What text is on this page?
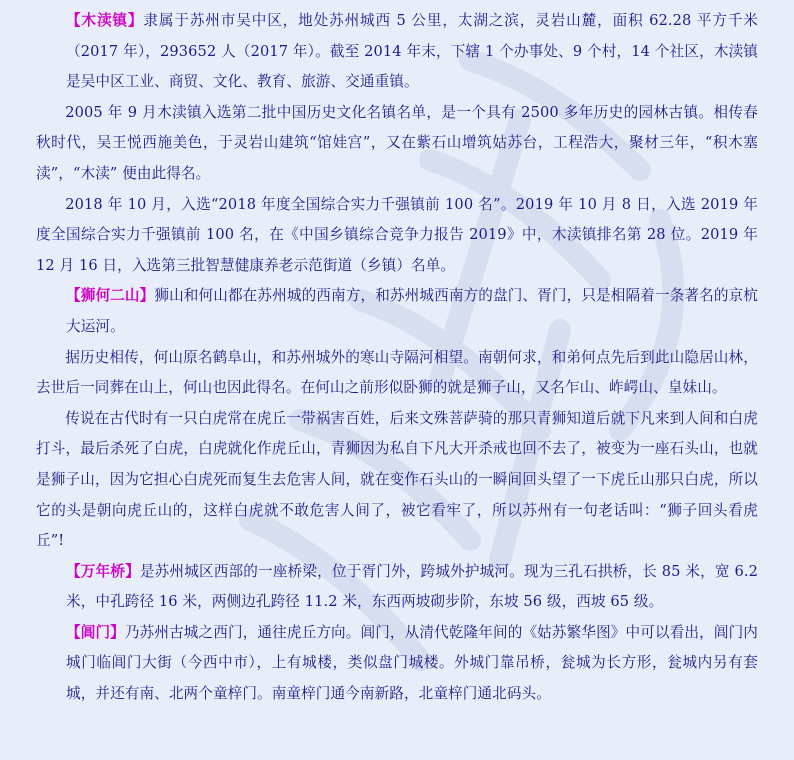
【木渎镇】隶属于苏州市吴中区，地处苏州城西 5 公里，太湖之滨，灵岩山麓，面积 62.28 平方千米（2017 年），293652 人（2017 年）。截至 2014 年末，下辖 1 个办事处、9 个村，14 个社区，木渎镇是吴中区工业、商贸、文化、教育、旅游、交通重镇。

2005 年 9 月木渎镇入选第二批中国历史文化名镇名单，是一个具有 2500 多年历史的园林古镇。相传春秋时代，吴王悦西施美色，于灵岩山建筑“馆娃宫”，又在紫石山增筑姑苏台，工程浩大，聚材三年，“积木塞渎”，“木渎” 便由此得名。

2018 年 10 月，入选“2018 年度全国综合实力千强镇前 100 名”。2019 年 10 月 8 日，入选 2019 年度全国综合实力千强镇前 100 名，在《中国乡镇综合竞争力报告 2019》中，木渎镇排名第 28 位。2019 年 12 月 16 日，入选第三批智慧健康养老示范街道（乡镇）名单。

【狮何二山】狮山和何山都在苏州城的西南方，和苏州城西南方的盘门、胥门，只是相隔着一条著名的京杭大运河。

据历史相传，何山原名鹤阜山，和苏州城外的寒山寺隔河相望。南朝何求，和弟何点先后到此山隐居山林，去世后一同葬在山上，何山也因此得名。在何山之前形似卧狮的就是狮子山，又名乍山、岞崿山、皇妹山。

传说在古代时有一只白虎常在虎丘一带祸害百姓，后来文殊菩萨骑的那只青狮知道后就下凡来到人间和白虎打斗，最后杀死了白虎，白虎就化作虎丘山，青狮因为私自下凡大开杀戒也回不去了，被变为一座石头山，也就是狮子山，因为它担心白虎死而复生去危害人间，就在变作石头山的一瞬间回头望了一下虎丘山那只白虎，所以它的头是朝向虎丘山的，这样白虎就不敢危害人间了，被它看牢了，所以苏州有一句老话叫：“狮子回头看虎丘”!

【万年桥】是苏州城区西部的一座桥梁，位于胥门外，跨城外护城河。现为三孔石拱桥，长 85 米，宽 6.2 米，中孔跨径 16 米，两侧边孔跨径 11.2 米，东西两坡砌步阶，东坡 56 级，西坡 65 级。

【阊门】乃苏州古城之西门，通往虎丘方向。阊门，从清代乾隆年间的《姑苏繁华图》中可以看出，阊门内城门临阊门大街（今西中市），上有城楼，类似盘门城楼。外城门靠吊桥，瓮城为长方形，瓮城内另有套城，并还有南、北两个童梓门。南童梓门通今南新路，北童梓门通北码头。
